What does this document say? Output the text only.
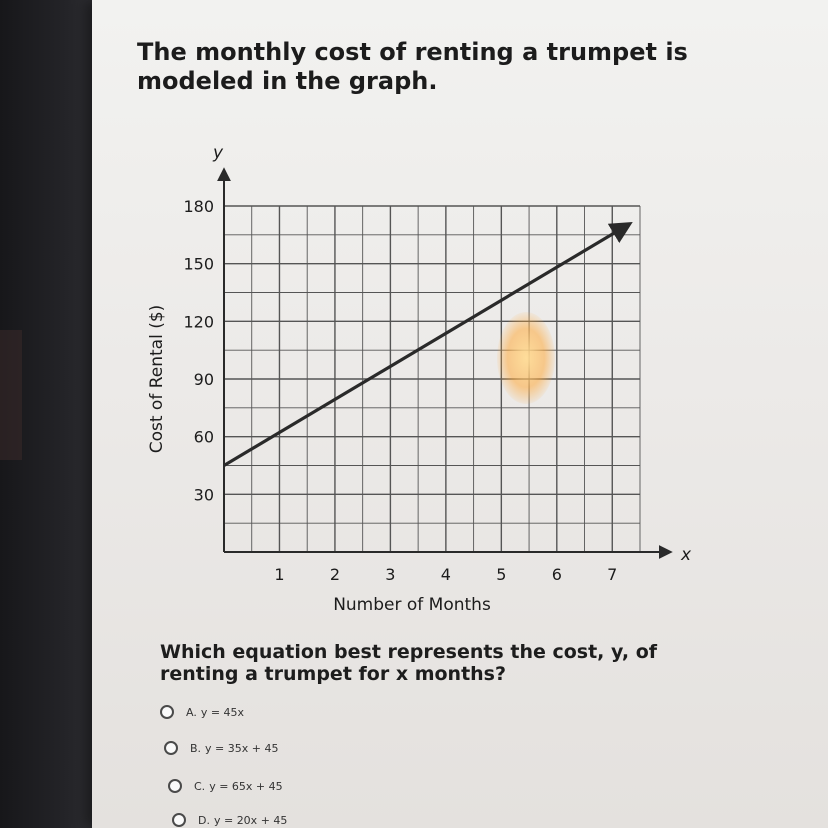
The monthly cost of renting a trumpet is modeled in the graph.

30
60
90
120
150
180
1	2	3	4	5	6	7
y
x
Number of Months
Cost of Rental ($)

Which equation best represents the cost, y, of renting a trumpet for x months?

A. y = 45x
B. y = 35x + 45
C. y = 65x + 45
D. y = 20x + 45
